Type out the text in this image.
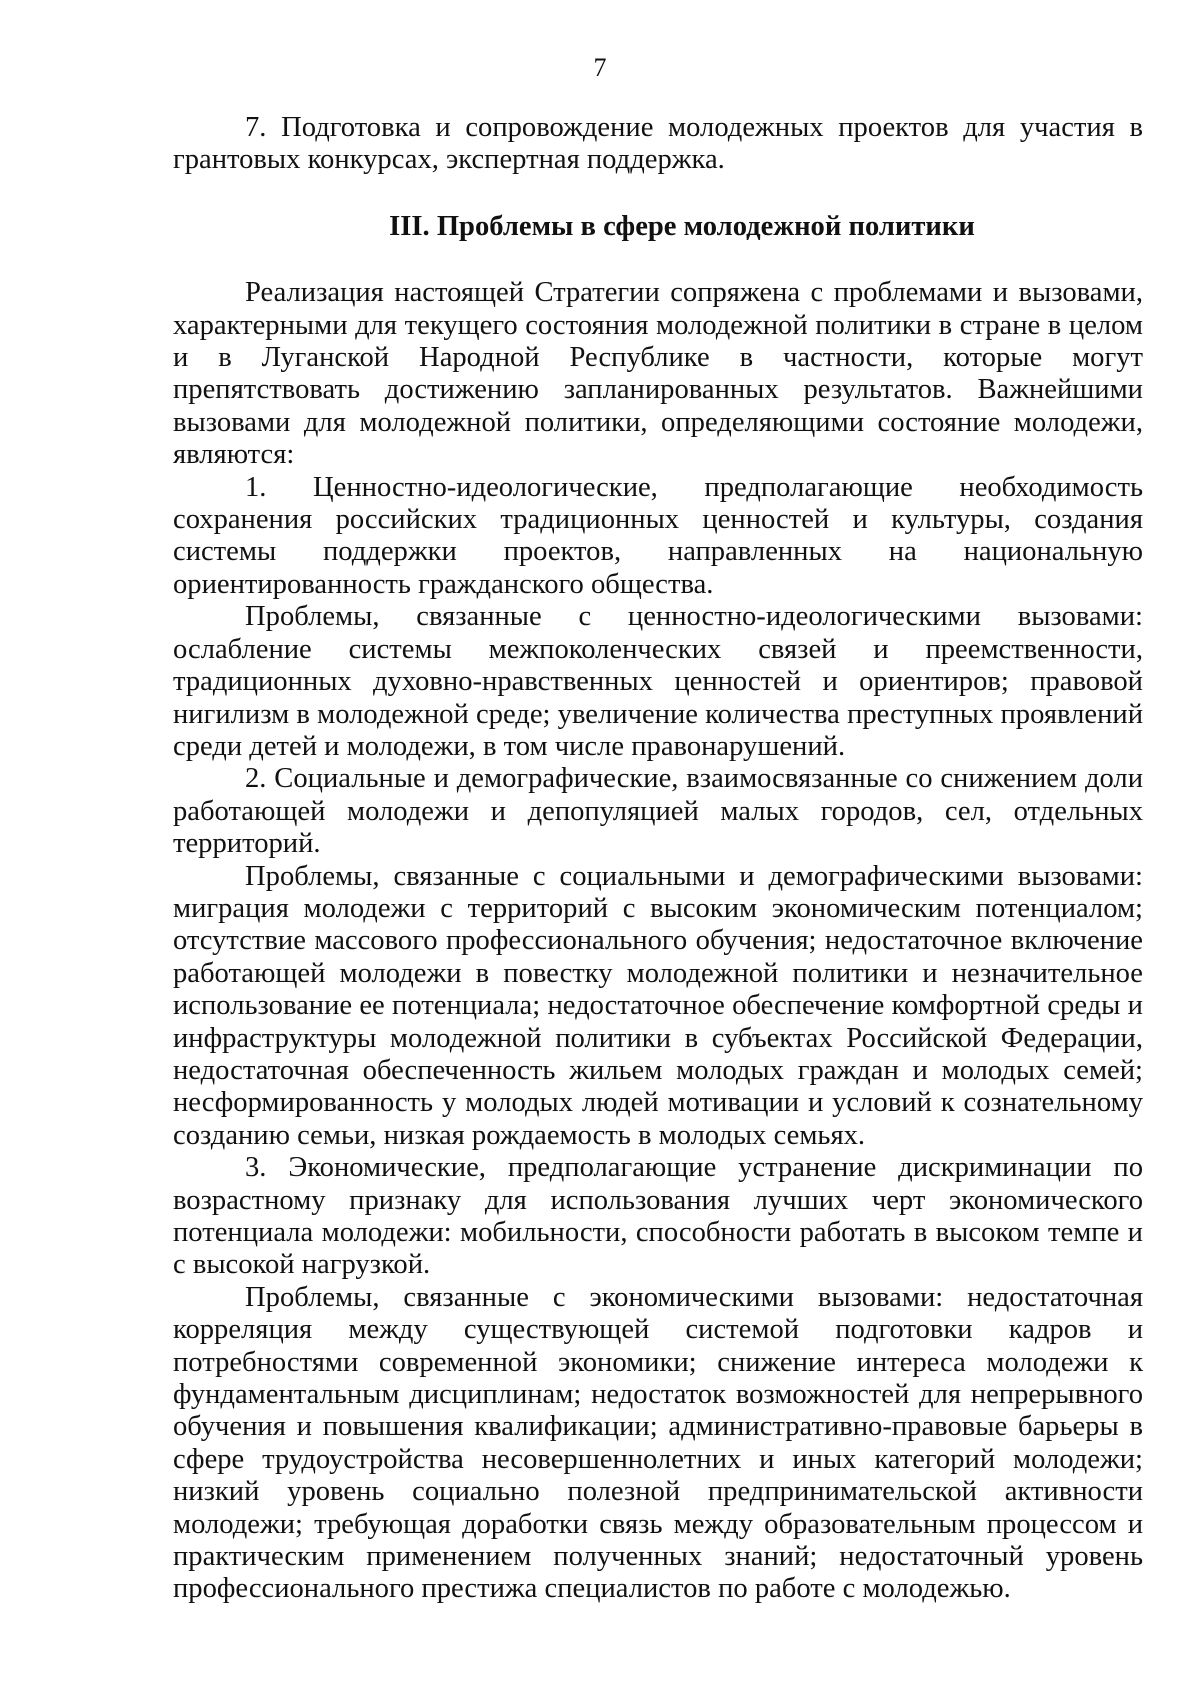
7

7. Подготовка и сопровождение молодежных проектов для участия в грантовых конкурсах, экспертная поддержка.

III. Проблемы в сфере молодежной политики

Реализация настоящей Стратегии сопряжена с проблемами и вызовами, характерными для текущего состояния молодежной политики в стране в целом и в Луганской Народной Республике в частности, которые могут препятствовать достижению запланированных результатов. Важнейшими вызовами для молодежной политики, определяющими состояние молодежи, являются:

1. Ценностно-идеологические, предполагающие необходимость сохранения российских традиционных ценностей и культуры, создания системы поддержки проектов, направленных на национальную ориентированность гражданского общества.

Проблемы, связанные с ценностно-идеологическими вызовами: ослабление системы межпоколенческих связей и преемственности, традиционных духовно-нравственных ценностей и ориентиров; правовой нигилизм в молодежной среде; увеличение количества преступных проявлений среди детей и молодежи, в том числе правонарушений.

2. Социальные и демографические, взаимосвязанные со снижением доли работающей молодежи и депопуляцией малых городов, сел, отдельных территорий.

Проблемы, связанные с социальными и демографическими вызовами: миграция молодежи с территорий с высоким экономическим потенциалом; отсутствие массового профессионального обучения; недостаточное включение работающей молодежи в повестку молодежной политики и незначительное использование ее потенциала; недостаточное обеспечение комфортной среды и инфраструктуры молодежной политики в субъектах Российской Федерации, недостаточная обеспеченность жильем молодых граждан и молодых семей; несформированность у молодых людей мотивации и условий к сознательному созданию семьи, низкая рождаемость в молодых семьях.

3. Экономические, предполагающие устранение дискриминации по возрастному признаку для использования лучших черт экономического потенциала молодежи: мобильности, способности работать в высоком темпе и с высокой нагрузкой.

Проблемы, связанные с экономическими вызовами: недостаточная корреляция между существующей системой подготовки кадров и потребностями современной экономики; снижение интереса молодежи к фундаментальным дисциплинам; недостаток возможностей для непрерывного обучения и повышения квалификации; административно-правовые барьеры в сфере трудоустройства несовершеннолетних и иных категорий молодежи; низкий уровень социально полезной предпринимательской активности молодежи; требующая доработки связь между образовательным процессом и практическим применением полученных знаний; недостаточный уровень профессионального престижа специалистов по работе с молодежью.
